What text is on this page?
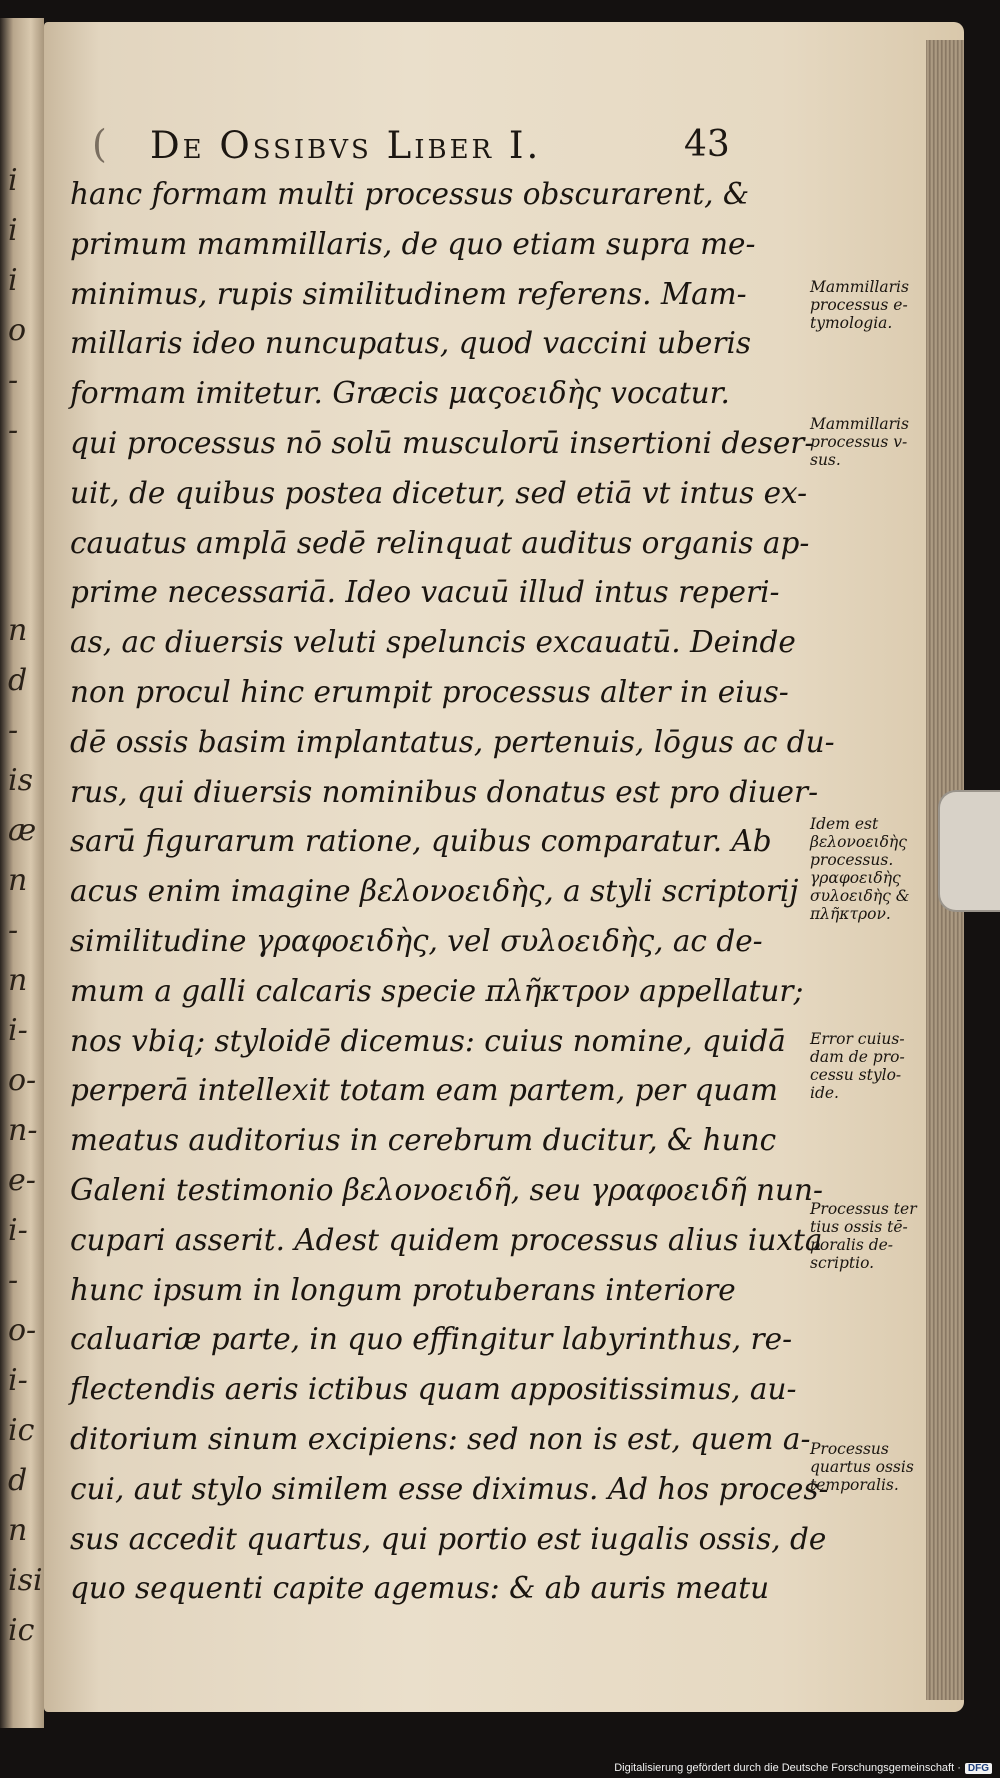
i
i
i
o
-
-
n
d
-
is
æ
n
-
n
i-
o-
n-
e-
i-
-
o-
i-
ic
d
n
isi
ic
( De Ossibvs Liber I.	43
hanc formam multi processus obscurarent, &
primum mammillaris, de quo etiam supra me-
minimus, rupis similitudinem referens. Mam-
millaris ideo nuncupatus, quod vaccini uberis
formam imitetur. Græcis μαςοειδὴς vocatur.
qui processus nō solū musculorū insertioni deser-
uit, de quibus postea dicetur, sed etiā vt intus ex-
cauatus amplā sedē relinquat auditus organis ap-
prime necessariā. Ideo vacuū illud intus reperi-
as, ac diuersis veluti speluncis excauatū. Deinde
non procul hinc erumpit processus alter in eius-
dē ossis basim implantatus, pertenuis, lōgus ac du-
rus, qui diuersis nominibus donatus est pro diuer-
sarū figurarum ratione, quibus comparatur. Ab
acus enim imagine βελονοειδὴς, a styli scriptorij
similitudine γραφοειδὴς, vel συλοειδὴς, ac de-
mum a galli calcaris specie πλῆκτρον appellatur;
nos vbiq; styloidē dicemus: cuius nomine, quidā
perperā intellexit totam eam partem, per quam
meatus auditorius in cerebrum ducitur, & hunc
Galeni testimonio βελονοειδῆ, seu γραφοειδῆ nun-
cupari asserit. Adest quidem processus alius iuxta
hunc ipsum in longum protuberans interiore
caluariæ parte, in quo effingitur labyrinthus, re-
flectendis aeris ictibus quam appositissimus, au-
ditorium sinum excipiens: sed non is est, quem a-
cui, aut stylo similem esse diximus. Ad hos proces-
sus accedit quartus, qui portio est iugalis ossis, de
quo sequenti capite agemus: & ab auris meatu
Mammillaris
processus e-
tymologia.
Mammillaris
processus v-
sus.
Idem est
βελονοειδὴς
processus.
γραφοειδὴς
συλοειδὴς &
πλῆκτρον.
Error cuius-
dam de pro-
cessu stylo-
ide.
Processus ter
tius ossis tē-
poralis de-
scriptio.
Processus
quartus ossis
temporalis.
Digitalisierung gefördert durch die Deutsche Forschungsgemeinschaft · DFG
